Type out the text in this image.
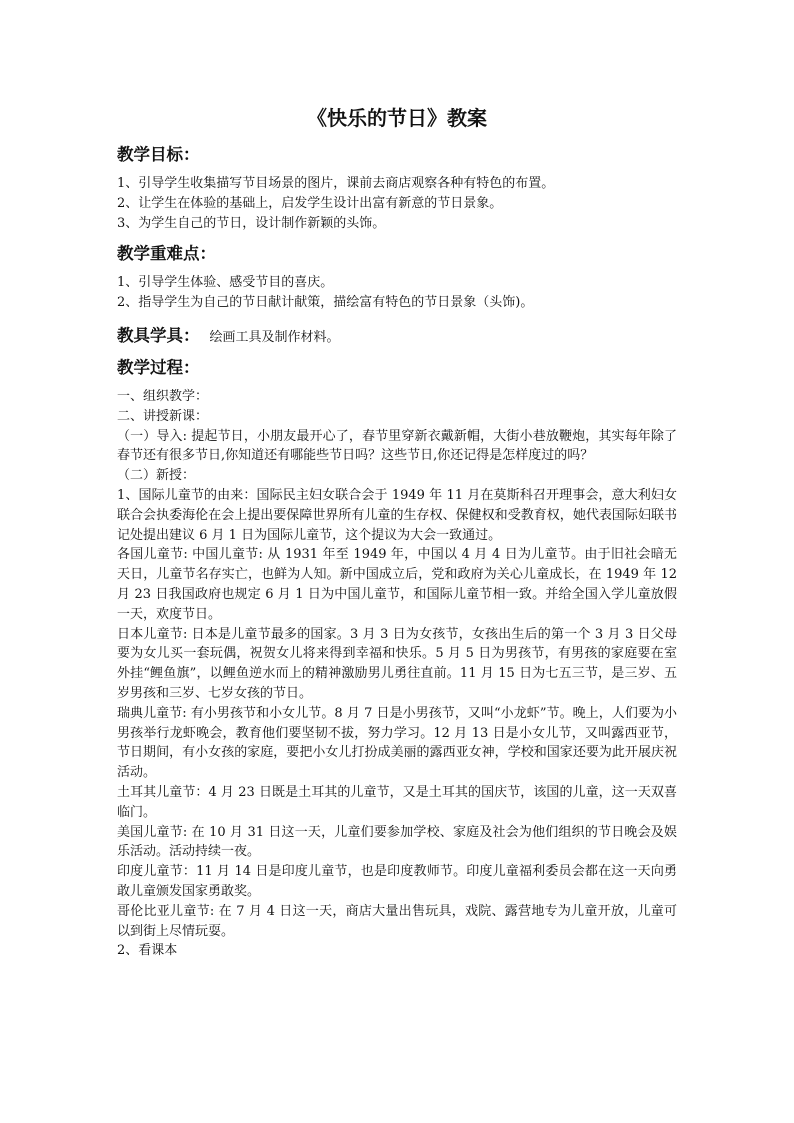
《快乐的节日》教案
教学目标：

1、引导学生收集描写节目场景的图片，课前去商店观察各种有特色的布置。

2、让学生在体验的基础上，启发学生设计出富有新意的节日景象。

3、为学生自己的节日，设计制作新颖的头饰。

教学重难点：

1、引导学生体验、感受节目的喜庆。

2、指导学生为自己的节日献计献策，描绘富有特色的节日景象（头饰)。

教具学具： 绘画工具及制作材料。
教学过程：

一、组织教学：

二、讲授新课：

（一）导入: 提起节日，小朋友最开心了，春节里穿新衣戴新帽，大街小巷放鞭炮，其实每年除了春节还有很多节日,你知道还有哪能些节日吗？这些节日,你还记得是怎样度过的吗？

（二）新授：

1、国际儿童节的由来：国际民主妇女联合会于 1949 年 11 月在莫斯科召开理事会，意大利妇女联合会执委海伦在会上提出要保障世界所有儿童的生存权、保健权和受教育权，她代表国际妇联书记处提出建议 6 月 1 日为国际儿童节，这个提议为大会一致通过。

各国儿童节: 中国儿童节: 从 1931 年至 1949 年，中国以 4 月 4 日为儿童节。由于旧社会暗无天日，儿童节名存实亡，也鲜为人知。新中国成立后，党和政府为关心儿童成长，在 1949 年 12 月 23 日我国政府也规定 6 月 1 日为中国儿童节，和国际儿童节相一致。并给全国入学儿童放假一天，欢度节日。

日本儿童节: 日本是儿童节最多的国家。3 月 3 日为女孩节，女孩出生后的第一个 3 月 3 日父母要为女儿买一套玩偶，祝贺女儿将来得到幸福和快乐。5 月 5 日为男孩节，有男孩的家庭要在室外挂“鲤鱼旗”，以鲤鱼逆水而上的精神激励男儿勇往直前。11 月 15 日为七五三节，是三岁、五岁男孩和三岁、七岁女孩的节日。

瑞典儿童节: 有小男孩节和小女儿节。8 月 7 日是小男孩节，又叫“小龙虾”节。晚上，人们要为小男孩举行龙虾晚会，教育他们要坚韧不拔，努力学习。12 月 13 日是小女儿节，又叫露西亚节，节日期间，有小女孩的家庭，要把小女儿打扮成美丽的露西亚女神，学校和国家还要为此开展庆祝活动。

土耳其儿童节：4 月 23 日既是土耳其的儿童节，又是土耳其的国庆节，该国的儿童，这一天双喜临门。

美国儿童节: 在 10 月 31 日这一天，儿童们要参加学校、家庭及社会为他们组织的节日晚会及娱乐活动。活动持续一夜。

印度儿童节：11 月 14 日是印度儿童节，也是印度教师节。印度儿童福利委员会都在这一天向勇敢儿童颁发国家勇敢奖。

哥伦比亚儿童节: 在 7 月 4 日这一天，商店大量出售玩具，戏院、露营地专为儿童开放，儿童可以到街上尽情玩耍。

2、看课本
